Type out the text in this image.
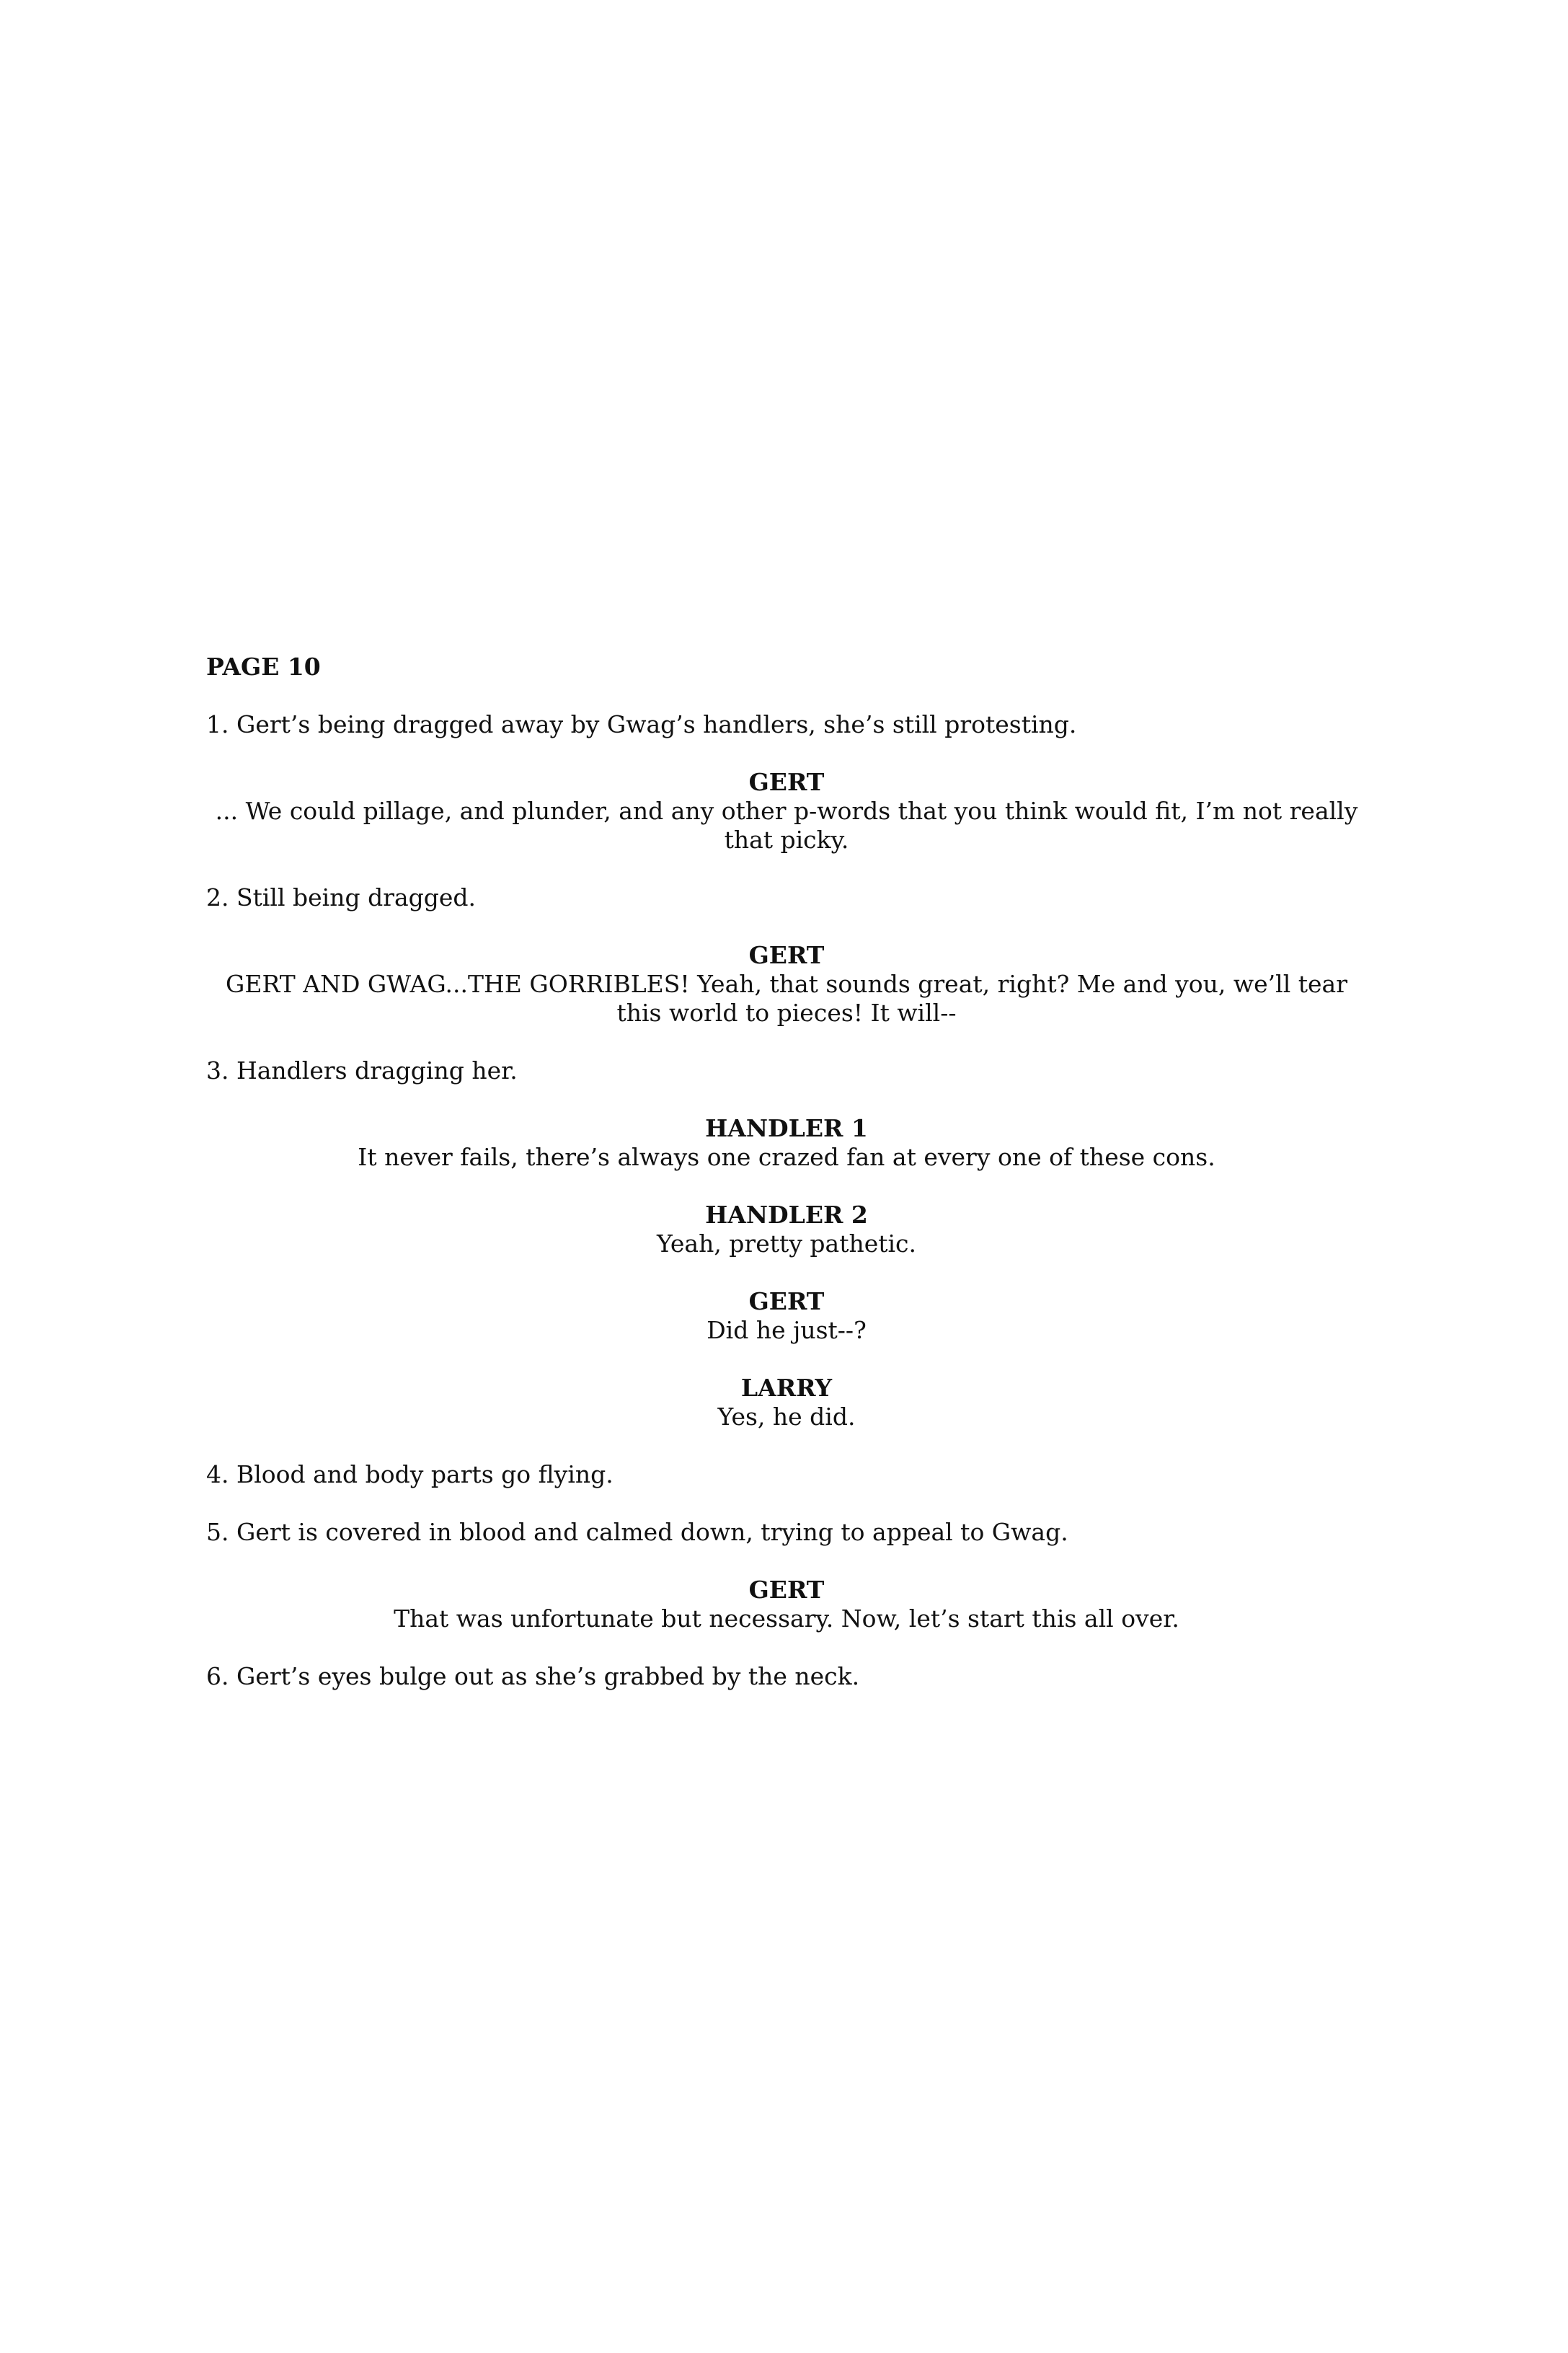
PAGE 10
1. Gert’s being dragged away by Gwag’s handlers, she’s still protesting.
GERT
... We could pillage, and plunder, and any other p-words that you think would fit, I’m not really that picky.
2. Still being dragged.
GERT
GERT AND GWAG...THE GORRIBLES! Yeah, that sounds great, right? Me and you, we’ll tear this world to pieces! It will--
3. Handlers dragging her.
HANDLER 1
It never fails, there’s always one crazed fan at every one of these cons.
HANDLER 2
Yeah, pretty pathetic.
GERT
Did he just--?
LARRY
Yes, he did.
4. Blood and body parts go flying.
5. Gert is covered in blood and calmed down, trying to appeal to Gwag.
GERT
That was unfortunate but necessary. Now, let’s start this all over.
6. Gert’s eyes bulge out as she’s grabbed by the neck.
